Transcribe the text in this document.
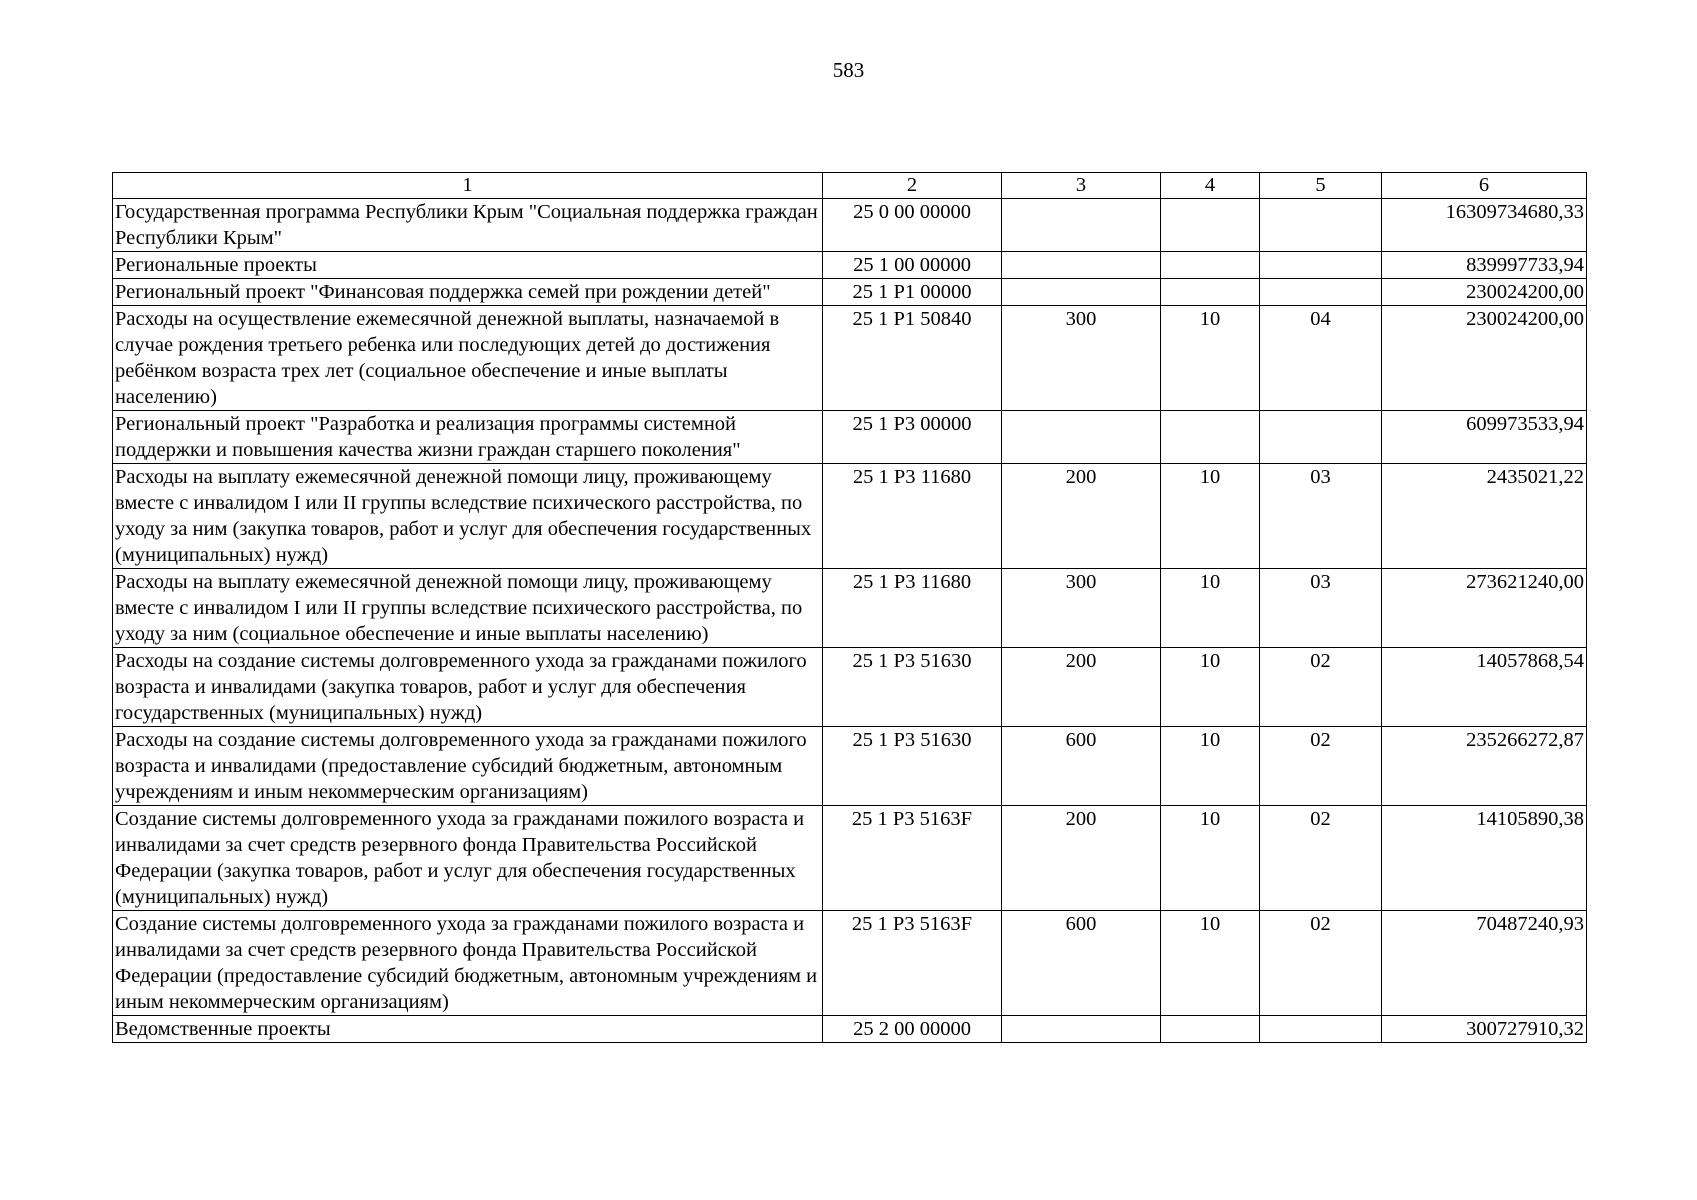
583
1	2	3	4	5	6
Государственная программа Республики Крым "Социальная поддержка граждан Республики Крым"	25 0 00 00000				16309734680,33
Региональные проекты	25 1 00 00000				839997733,94
Региональный проект "Финансовая поддержка семей при рождении детей"	25 1 Р1 00000				230024200,00
Расходы на осуществление ежемесячной денежной выплаты, назначаемой в случае рождения третьего ребенка или последующих детей до достижения ребёнком возраста трех лет (социальное обеспечение и иные выплаты населению)	25 1 Р1 50840	300	10	04	230024200,00
Региональный проект "Разработка и реализация программы системной поддержки и повышения качества жизни граждан старшего поколения"	25 1 Р3 00000				609973533,94
Расходы на выплату ежемесячной денежной помощи лицу, проживающему вместе с инвалидом I или II группы вследствие психического расстройства, по уходу за ним (закупка товаров, работ и услуг для обеспечения государственных (муниципальных) нужд)	25 1 Р3 11680	200	10	03	2435021,22
Расходы на выплату ежемесячной денежной помощи лицу, проживающему вместе с инвалидом I или II группы вследствие психического расстройства, по уходу за ним (социальное обеспечение и иные выплаты населению)	25 1 Р3 11680	300	10	03	273621240,00
Расходы на создание системы долговременного ухода за гражданами пожилого возраста и инвалидами (закупка товаров, работ и услуг для обеспечения государственных (муниципальных) нужд)	25 1 Р3 51630	200	10	02	14057868,54
Расходы на создание системы долговременного ухода за гражданами пожилого возраста и инвалидами (предоставление субсидий бюджетным, автономным учреждениям и иным некоммерческим организациям)	25 1 Р3 51630	600	10	02	235266272,87
Создание системы долговременного ухода за гражданами пожилого возраста и инвалидами за счет средств резервного фонда Правительства Российской Федерации (закупка товаров, работ и услуг для обеспечения государственных (муниципальных) нужд)	25 1 Р3 5163F	200	10	02	14105890,38
Создание системы долговременного ухода за гражданами пожилого возраста и инвалидами за счет средств резервного фонда Правительства Российской Федерации (предоставление субсидий бюджетным, автономным учреждениям и иным некоммерческим организациям)	25 1 Р3 5163F	600	10	02	70487240,93
Ведомственные проекты	25 2 00 00000				300727910,32
